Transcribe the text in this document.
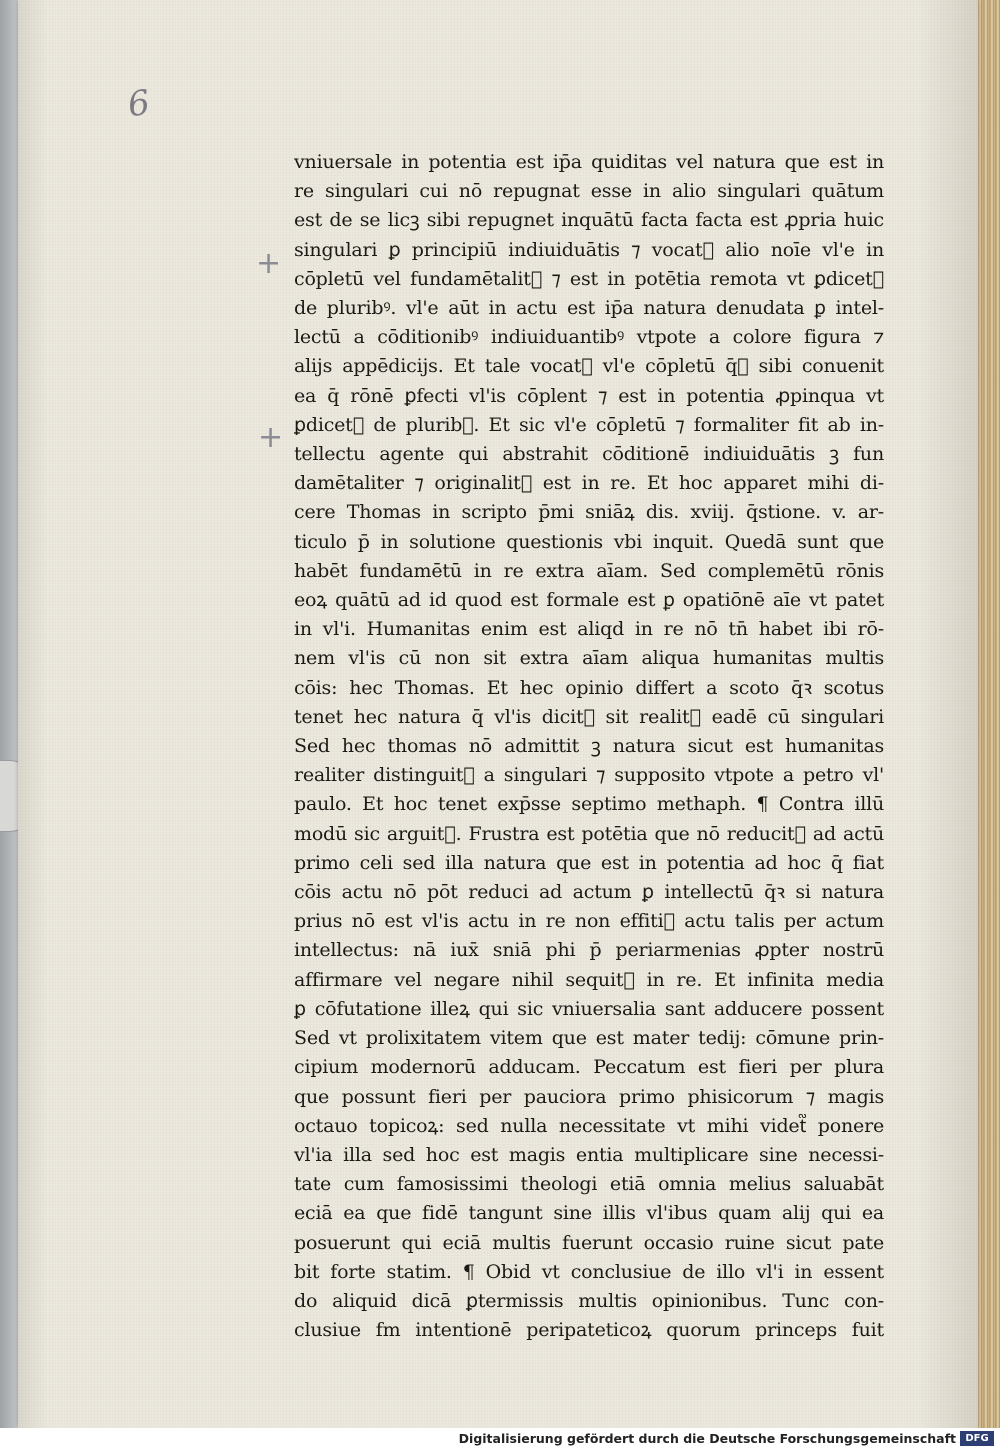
6
+
+
vniuersale in potentia est ip̄a quiditas vel natura que est in
re singulari cui nō repugnat esse in alio singulari quātum
est de se licꝫ sibi repugnet inquātū facta facta est ꝓpria huic
singulari ꝑ principiū indiuiduātis ⁊ vocat᷑ alio noīe vl'e in
cōpletū vel fundamētalit᷑ ⁊ est in potētia remota vt ꝑdicet᷑
de pluribꝰ. vl'e aūt in actu est ip̄a natura denudata ꝑ intel-
lectū a cōditionibꝰ indiuiduantibꝰ vtpote a colore figura ⁊
alijs appēdicijs. Et tale vocat᷑ vl'e cōpletū q̄ꝛ sibi conuenit
ea q̄ rōnē ꝑfecti vl'is cōplent ⁊ est in potentia ꝓpinqua vt
ꝑdicet᷑ de pluribꝰ. Et sic vl'e cōpletū ⁊ formaliter fit ab in-
tellectu agente qui abstrahit cōditionē indiuiduātis ꝫ fun
damētaliter ⁊ originalit᷑ est in re. Et hoc apparet mihi di-
cere Thomas in scripto p̄mi sniāꝝ dis. xviij. q̄stione. v. ar-
ticulo p̄ in solutione questionis vbi inquit. Quedā sunt que
habēt fundamētū in re extra aīam. Sed complemētū rōnis
eoꝝ quātū ad id quod est formale est ꝑ opatiōnē aīe vt patet
in vl'i. Humanitas enim est aliqd in re nō tn̄ habet ibi rō-
nem vl'is cū non sit extra aīam aliqua humanitas multis
cōis: hec Thomas. Et hec opinio differt a scoto q̄ꝛ scotus
tenet hec natura q̄ vl'is dicit᷑ sit realit᷑ eadē cū singulari
Sed hec thomas nō admittit ꝫ natura sicut est humanitas
realiter distinguit᷑ a singulari ⁊ supposito vtpote a petro vl'
paulo. Et hoc tenet exp̄sse septimo methaph. ¶ Contra illū
modū sic arguit᷑. Frustra est potētia que nō reducit᷑ ad actū
primo celi sed illa natura que est in potentia ad hoc q̄ fiat
cōis actu nō pōt reduci ad actum ꝑ intellectū q̄ꝛ si natura
prius nō est vl'is actu in re non effiti᷑ actu talis per actum
intellectus: nā iux̄ sniā phi p̄ periarmenias ꝓpter nostrū
affirmare vel negare nihil sequit᷑ in re. Et infinita media
ꝑ cōfutatione illeꝝ qui sic vniuersalia sant adducere possent
Sed vt prolixitatem vitem que est mater tedij: cōmune prin-
cipium modernorū adducam. Peccatum est fieri per plura
que possunt fieri per pauciora primo phisicorum ⁊ magis
octauo topicoꝝ: sed nulla necessitate vt mihi videt᷑ ponere
vl'ia illa sed hoc est magis entia multiplicare sine necessi-
tate cum famosissimi theologi etiā omnia melius saluabāt
eciā ea que fidē tangunt sine illis vl'ibus quam alij qui ea
posuerunt qui eciā multis fuerunt occasio ruine sicut pate
bit forte statim. ¶ Obid vt conclusiue de illo vl'i in essent
do aliquid dicā ꝑtermissis multis opinionibus. Tunc con-
clusiue fm intentionē peripateticoꝝ quorum princeps fuit
Digitalisierung gefördert durch die Deutsche Forschungsgemeinschaft DFG
